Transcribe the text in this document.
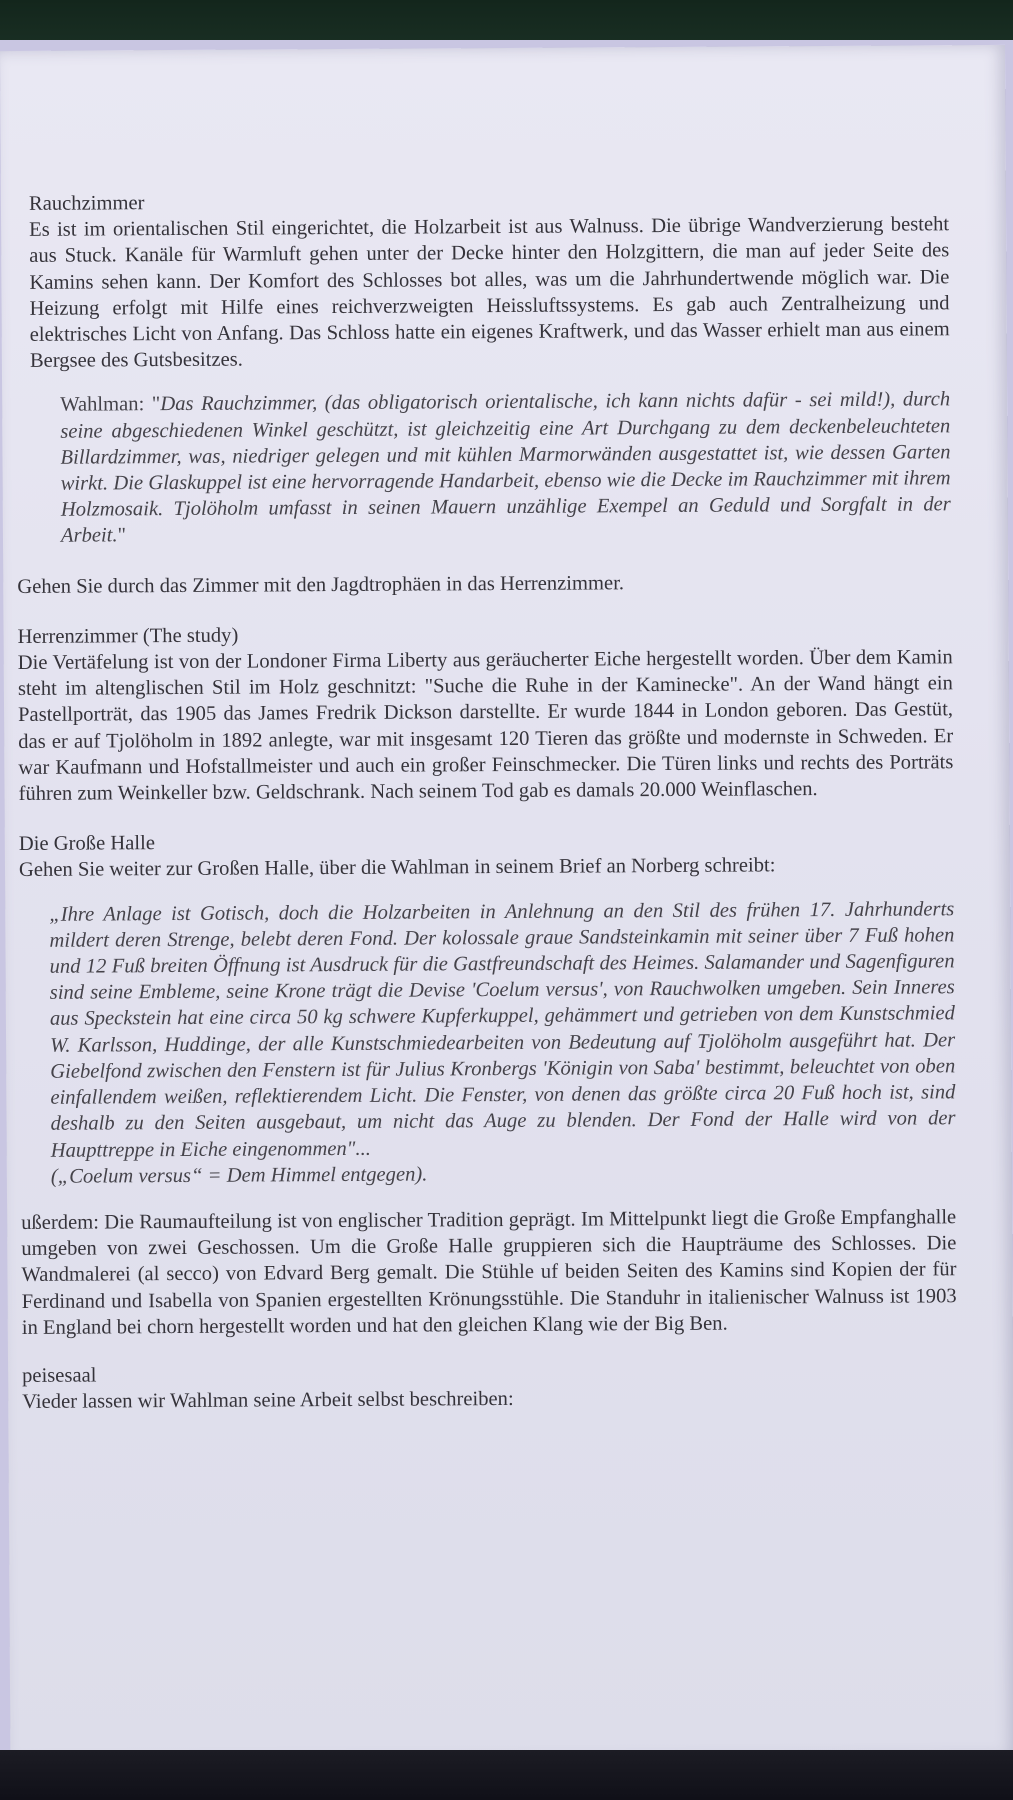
Rauchzimmer

Es ist im orientalischen Stil eingerichtet, die Holzarbeit ist aus Walnuss. Die übrige Wandverzierung besteht aus Stuck. Kanäle für Warmluft gehen unter der Decke hinter den Holzgittern, die man auf jeder Seite des Kamins sehen kann. Der Komfort des Schlosses bot alles, was um die Jahrhundertwende möglich war. Die Heizung erfolgt mit Hilfe eines reichverzweigten Heissluftssystems. Es gab auch Zentralheizung und elektrisches Licht von Anfang. Das Schloss hatte ein eigenes Kraftwerk, und das Wasser erhielt man aus einem Bergsee des Gutsbesitzes.

Wahlman: "Das Rauchzimmer, (das obligatorisch orientalische, ich kann nichts dafür - sei mild!), durch seine abgeschiedenen Winkel geschützt, ist gleichzeitig eine Art Durchgang zu dem deckenbeleuchteten Billardzimmer, was, niedriger gelegen und mit kühlen Marmorwänden ausgestattet ist, wie dessen Garten wirkt. Die Glaskuppel ist eine hervorragende Handarbeit, ebenso wie die Decke im Rauchzimmer mit ihrem Holzmosaik. Tjolöholm umfasst in seinen Mauern unzählige Exempel an Geduld und Sorgfalt in der Arbeit."

Gehen Sie durch das Zimmer mit den Jagdtrophäen in das Herrenzimmer.

Herrenzimmer (The study)

Die Vertäfelung ist von der Londoner Firma Liberty aus geräucherter Eiche hergestellt worden. Über dem Kamin steht im altenglischen Stil im Holz geschnitzt: "Suche die Ruhe in der Kaminecke". An der Wand hängt ein Pastellporträt, das 1905 das James Fredrik Dickson darstellte. Er wurde 1844 in London geboren. Das Gestüt, das er auf Tjolöholm in 1892 anlegte, war mit insgesamt 120 Tieren das größte und modernste in Schweden. Er war Kaufmann und Hofstallmeister und auch ein großer Feinschmecker. Die Türen links und rechts des Porträts führen zum Weinkeller bzw. Geldschrank. Nach seinem Tod gab es damals 20.000 Weinflaschen.

Die Große Halle

Gehen Sie weiter zur Großen Halle, über die Wahlman in seinem Brief an Norberg schreibt:

„Ihre Anlage ist Gotisch, doch die Holzarbeiten in Anlehnung an den Stil des frühen 17. Jahrhunderts mildert deren Strenge, belebt deren Fond. Der kolossale graue Sandsteinkamin mit seiner über 7 Fuß hohen und 12 Fuß breiten Öffnung ist Ausdruck für die Gastfreundschaft des Heimes. Salamander und Sagenfiguren sind seine Embleme, seine Krone trägt die Devise 'Coelum versus', von Rauchwolken umgeben. Sein Inneres aus Speckstein hat eine circa 50 kg schwere Kupferkuppel, gehämmert und getrieben von dem Kunstschmied W. Karlsson, Huddinge, der alle Kunstschmiedearbeiten von Bedeutung auf Tjolöholm ausgeführt hat. Der Giebelfond zwischen den Fenstern ist für Julius Kronbergs 'Königin von Saba' bestimmt, beleuchtet von oben einfallendem weißen, reflektierendem Licht. Die Fenster, von denen das größte circa 20 Fuß hoch ist, sind deshalb zu den Seiten ausgebaut, um nicht das Auge zu blenden. Der Fond der Halle wird von der Haupttreppe in Eiche eingenommen"...

(„Coelum versus“ = Dem Himmel entgegen).

ußerdem: Die Raumaufteilung ist von englischer Tradition geprägt. Im Mittelpunkt liegt die Große Empfanghalle umgeben von zwei Geschossen. Um die Große Halle gruppieren sich die Haupträume des Schlosses. Die Wandmalerei (al secco) von Edvard Berg gemalt. Die Stühle uf beiden Seiten des Kamins sind Kopien der für Ferdinand und Isabella von Spanien ergestellten Krönungsstühle. Die Standuhr in italienischer Walnuss ist 1903 in England bei chorn hergestellt worden und hat den gleichen Klang wie der Big Ben.

peisesaal

Vieder lassen wir Wahlman seine Arbeit selbst beschreiben:
